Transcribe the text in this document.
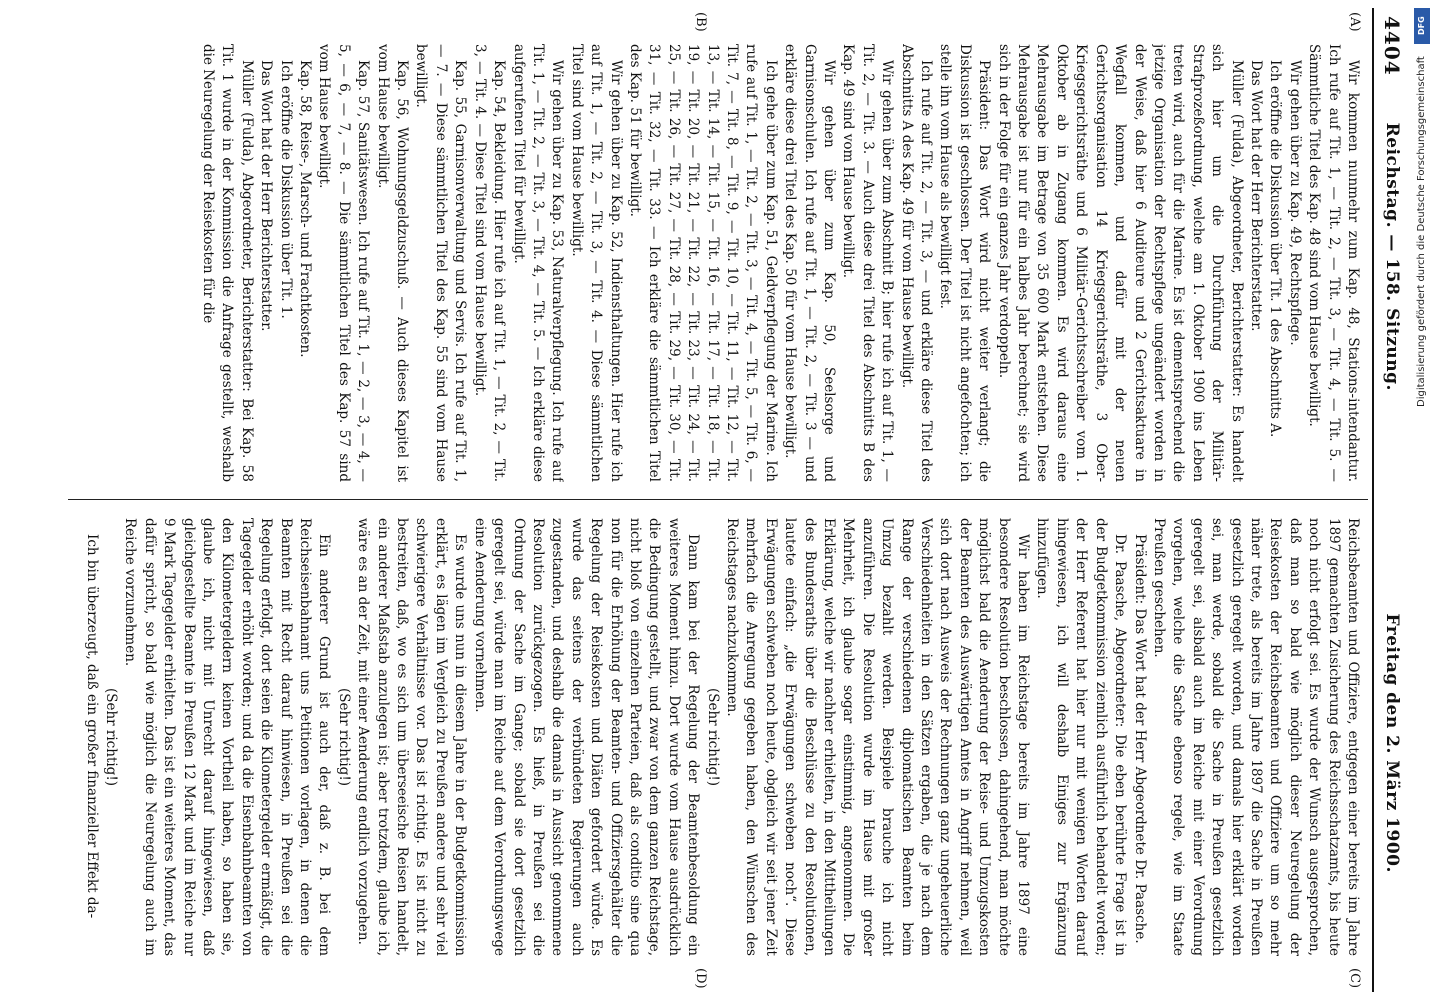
4404
Reichstag. — 158. Sitzung. Freitag den 2. März 1900.
(A)
(B)
(C)
(D)

Wir kommen nunmehr zum Kap. 48, Stations-intendantur. Ich rufe auf Tit. 1, — Tit. 2, — Tit. 3, — Tit. 4, — Tit. 5. — Sämmtliche Titel des Kap. 48 sind vom Hause bewilligt.

Wir gehen über zu Kap. 49, Rechtspflege.

Ich eröffne die Diskussion über Tit. 1 des Abschnitts A.

Das Wort hat der Herr Berichterstatter.

Müller (Fulda), Abgeordneter, Berichterstatter: Es handelt sich hier um die Durchführung der Militär-Strafprozeßordnung, welche am 1. Oktober 1900 ins Leben treten wird, auch für die Marine. Es ist dementsprechend die jetzige Organisation der Rechtspflege ungeändert worden in der Weise, daß hier 6 Auditeure und 2 Gerichtsaktuare in Wegfall kommen, und dafür mit der neuen Gerichtsorganisation 14 Kriegsgerichtsräthe, 3 Ober-Kriegsgerichtsräthe und 6 Militär-Gerichtsschreiber vom 1. Oktober ab in Zugang kommen. Es wird daraus eine Mehrausgabe im Betrage von 35 600 Mark entstehen. Diese Mehrausgabe ist nur für ein halbes Jahr berechnet; sie wird sich in der Folge für ein ganzes Jahr verdoppeln.

Präsident: Das Wort wird nicht weiter verlangt; die Diskussion ist geschlossen. Der Titel ist nicht angefochten; ich stelle ihn vom Hause als bewilligt fest.

Ich rufe auf Tit. 2, — Tit. 3, — und erkläre diese Titel des Abschnitts A des Kap. 49 für vom Hause bewilligt.

Wir gehen über zum Abschnitt B; hier rufe ich auf Tit. 1, — Tit. 2, — Tit. 3. — Auch diese drei Titel des Abschnitts B des Kap. 49 sind vom Hause bewilligt.

Wir gehen über zum Kap. 50, Seelsorge und Garnisonschulen. Ich rufe auf Tit. 1, — Tit. 2, — Tit. 3 — und erkläre diese drei Titel des Kap. 50 für vom Hause bewilligt.

Ich gehe über zum Kap. 51, Geldverpflegung der Marine. Ich rufe auf Tit. 1, — Tit. 2, — Tit. 3, — Tit. 4, — Tit. 5, — Tit. 6, — Tit. 7, — Tit. 8, — Tit. 9, — Tit. 10, — Tit. 11, — Tit. 12, — Tit. 13, — Tit. 14, — Tit. 15, — Tit. 16, — Tit. 17, — Tit. 18, — Tit. 19, — Tit. 20, — Tit. 21, — Tit. 22, — Tit. 23, — Tit. 24, — Tit. 25, — Tit. 26, — Tit. 27, — Tit. 28, — Tit. 29, — Tit. 30, — Tit. 31, — Tit. 32, — Tit. 33. — Ich erkläre die sämmtlichen Titel des Kap. 51 für bewilligt.

Wir gehen über zu Kap. 52, Indiensthaltungen. Hier rufe ich auf Tit. 1, — Tit. 2, — Tit. 3, — Tit. 4. — Diese sämmtlichen Titel sind vom Hause bewilligt.

Wir gehen über zu Kap. 53, Naturalverpflegung. Ich rufe auf Tit. 1, — Tit. 2, — Tit. 3, — Tit. 4, — Tit. 5. — Ich erkläre diese aufgerufenen Titel für bewilligt.

Kap. 54, Bekleidung. Hier rufe ich auf Tit. 1, — Tit. 2, — Tit. 3, — Tit. 4. — Diese Titel sind vom Hause bewilligt.

Kap. 55, Garnisonverwaltung und Servis. Ich rufe auf Tit. 1, — 7. — Diese sämmtlichen Titel des Kap. 55 sind vom Hause bewilligt.

Kap. 56, Wohnungsgeldzuschuß. — Auch dieses Kapitel ist vom Hause bewilligt.

Kap. 57, Sanitätswesen. Ich rufe auf Tit. 1, — 2, — 3, — 4, — 5, — 6, — 7, — 8. — Die sämmtlichen Titel des Kap. 57 sind vom Hause bewilligt.

Kap. 58, Reise-, Marsch- und Frachtkosten.

Ich eröffne die Diskussion über Tit. 1.

Das Wort hat der Herr Berichterstatter.

Müller (Fulda), Abgeordneter, Berichterstatter: Bei Kap. 58 Tit. 1 wurde in der Kommission die Anfrage gestellt, weshalb die Neuregelung der Reisekosten für die

Reichsbeamten und Offiziere, entgegen einer bereits im Jahre 1897 gemachten Zusicherung des Reichsschatzamts, bis heute noch nicht erfolgt sei. Es wurde der Wunsch ausgesprochen, daß man so bald wie möglich dieser Neuregelung der Reisekosten der Reichsbeamten und Offiziere um so mehr näher trete, als bereits im Jahre 1897 die Sache in Preußen gesetzlich geregelt worden, und damals hier erklärt worden sei, man werde, sobald die Sache in Preußen gesetzlich geregelt sei, alsbald auch im Reiche mit einer Verordnung vorgehen, welche die Sache ebenso regele, wie im Staate Preußen geschehen.

Präsident: Das Wort hat der Herr Abgeordnete Dr. Paasche.

Dr. Paasche, Abgeordneter: Die eben berührte Frage ist in der Budgetkommission ziemlich ausführlich behandelt worden; der Herr Referent hat hier nur mit wenigen Worten darauf hingewiesen, ich will deshalb Einiges zur Ergänzung hinzufügen.

Wir haben im Reichstage bereits im Jahre 1897 eine besondere Resolution beschlossen, dahingehend, man möchte möglichst bald die Aenderung der Reise- und Umzugskosten der Beamten des Auswärtigen Amtes in Angriff nehmen, weil sich dort nach Ausweis der Rechnungen ganz ungeheuerliche Verschiedenheiten in den Sätzen ergaben, die je nach dem Range der verschiedenen diplomatischen Beamten beim Umzug bezahlt werden. Beispiele brauche ich nicht anzuführen. Die Resolution wurde im Hause mit großer Mehrheit, ich glaube sogar einstimmig, angenommen. Die Erklärung, welche wir nachher erhielten, in den Mittheilungen des Bundesraths über die Beschlüsse zu den Resolutionen, lautete einfach: „die Erwägungen schweben noch“. Diese Erwägungen schweben noch heute, obgleich wir seit jener Zeit mehrfach die Anregung gegeben haben, den Wünschen des Reichstages nachzukommen.

(Sehr richtig!)

Dann kam bei der Regelung der Beamtenbesoldung ein weiteres Moment hinzu. Dort wurde vom Hause ausdrücklich die Bedingung gestellt, und zwar von dem ganzen Reichstage, nicht bloß von einzelnen Parteien, daß als conditio sine qua non für die Erhöhung der Beamten- und Offiziersgehälter die Regelung der Reisekosten und Diäten gefordert würde. Es wurde das seitens der verbündeten Regierungen auch zugestanden, und deshalb die damals in Aussicht genommene Resolution zurückgezogen. Es hieß, in Preußen sei die Ordnung der Sache im Gange; sobald sie dort gesetzlich geregelt sei, würde man im Reiche auf dem Verordnungswege eine Aenderung vornehmen.

Es wurde uns nun in diesem Jahre in der Budgetkommission erklärt, es lägen im Vergleich zu Preußen andere und sehr viel schwierigere Verhältnisse vor. Das ist richtig. Es ist nicht zu bestreiten, daß, wo es sich um überseeische Reisen handelt, ein anderer Maßstab anzulegen ist; aber trotzdem, glaube ich, wäre es an der Zeit, mit einer Aenderung endlich vorzugehen.

(Sehr richtig!)

Ein anderer Grund ist auch der, daß z. B. bei dem Reichseisenbahnamt uns Petitionen vorlagen, in denen die Beamten mit Recht darauf hinwiesen, in Preußen sei die Regelung erfolgt, dort seien die Kilometergelder ermäßigt, die Tagegelder erhöht worden; und da die Eisenbahnbeamten von den Kilometergeldern keinen Vortheil haben, so haben sie, glaube ich, nicht mit Unrecht darauf hingewiesen, daß gleichgestellte Beamte in Preußen 12 Mark und im Reiche nur 9 Mark Tagegelder erhielten. Das ist ein weiteres Moment, das dafür spricht, so bald wie möglich die Neuregelung auch im Reiche vorzunehmen.

(Sehr richtig!)

Ich bin überzeugt, daß ein großer finanzieller Effekt da-

DFG
Digitalisierung gefördert durch die Deutsche Forschungsgemeinschaft
